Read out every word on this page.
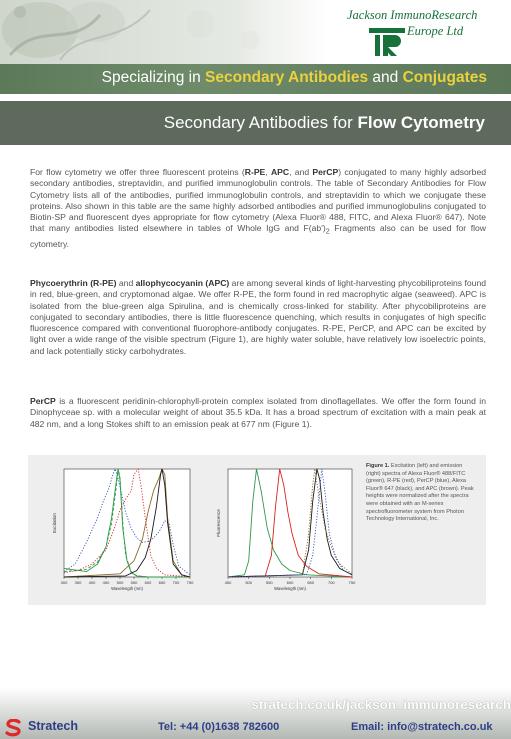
Jackson ImmunoResearch
Europe Ltd
Specializing in Secondary Antibodies and Conjugates
Secondary Antibodies for Flow Cytometry
For flow cytometry we offer three fluorescent proteins (R-PE, APC, and PerCP) conjugated to many highly adsorbed secondary antibodies, streptavidin, and purified immunoglobulin controls. The table of Secondary Antibodies for Flow Cytometry lists all of the antibodies, purified immunoglobulin controls, and streptavidin to which we conjugate these proteins. Also shown in this table are the same highly adsorbed antibodies and purified immunoglobulins conjugated to Biotin-SP and fluorescent dyes appropriate for flow cytometry (Alexa Fluor® 488, FITC, and Alexa Fluor® 647). Note that many antibodies listed elsewhere in tables of Whole IgG and $F(ab')_2$ Fragments also can be used for flow cytometry.
Phycoerythrin (R-PE) and allophycocyanin (APC) are among several kinds of light-harvesting phycobiliproteins found in red, blue-green, and cryptomonad algae. We offer R-PE, the form found in red macrophytic algae (seaweed). APC is isolated from the blue-green alga Spirulina, and is chemically cross-linked for stability. After phycobiliproteins are conjugated to secondary antibodies, there is little fluorescence quenching, which results in conjugates of high specific fluorescence compared with conventional fluorophore-antibody conjugates. R-PE, PerCP, and APC can be excited by light over a wide range of the visible spectrum (Figure 1), are highly water soluble, have relatively low isoelectric points, and lack potentially sticky carbohydrates.
PerCP is a fluorescent peridinin-chlorophyll-protein complex isolated from dinoflagellates. We offer the form found in Dinophyceae sp. with a molecular weight of about 35.5 kDa. It has a broad spectrum of excitation with a main peak at 482 nm, and a long Stokes shift to an emission peak at 677 nm (Figure 1).
300 350 400 450 500 550 600 650 700 750
Wavelength (nm)
Excitation
450	500	550	600	650	700	750
Wavelength (nm)
Fluorescence
Figure 1. Excitation (left) and emission (right) spectra of Alexa Fluor® 488/FITC (green), R-PE (red), PerCP (blue), Alexa Fluor® 647 (black), and APC (brown). Peak heights were normalized after the spectra were obtained with an M-series spectrofluorometer system from Photon Technology International, Inc.
stratech.co.uk/jackson_immunoresearch
Stratech	Tel: +44 (0)1638 782600	Email: info@stratech.co.uk
